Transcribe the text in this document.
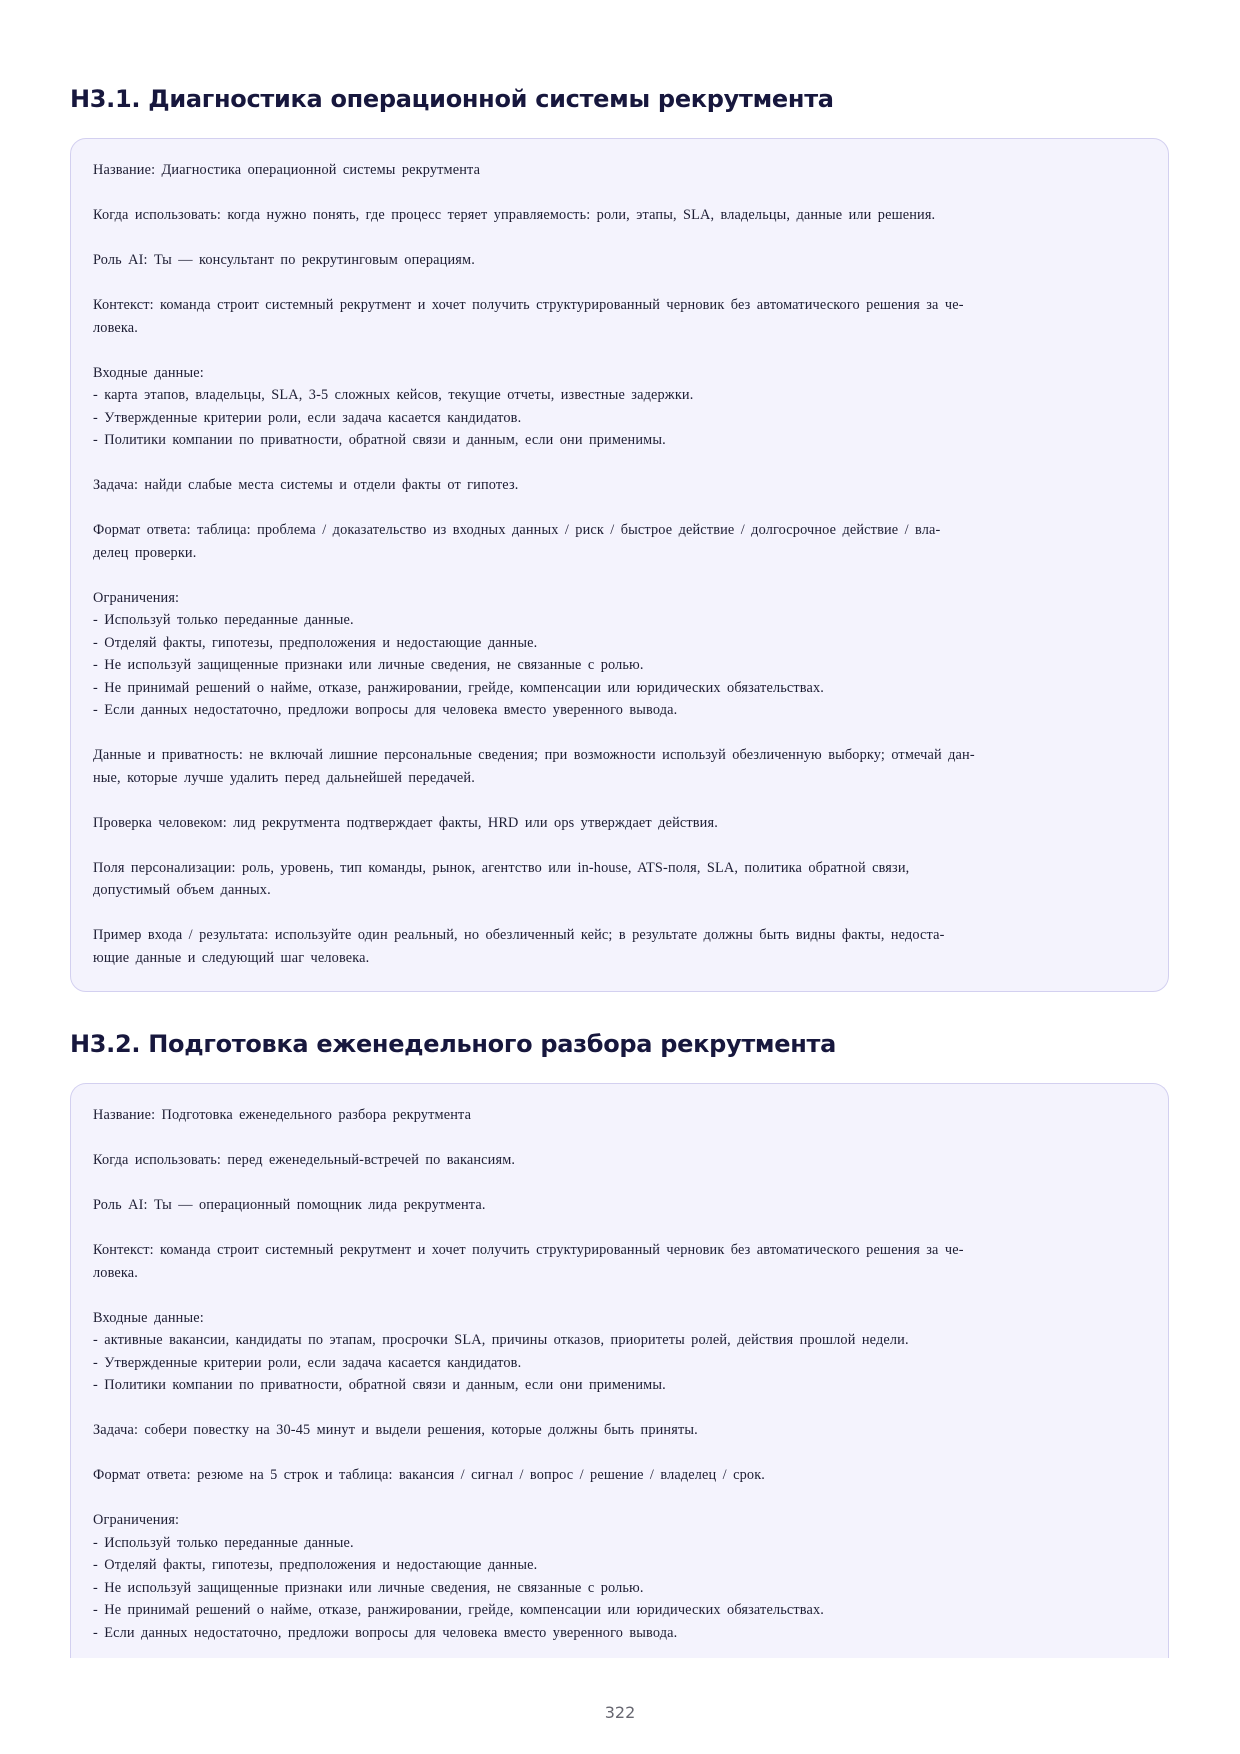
H3.1. Диагностика операционной системы рекрутмента
Название: Диагностика операционной системы рекрутмента
Когда использовать: когда нужно понять, где процесс теряет управляемость: роли, этапы, SLA, владельцы, данные или решения.
Роль AI: Ты — консультант по рекрутинговым операциям.
Контекст: команда строит системный рекрутмент и хочет получить структурированный черновик без автоматического решения за че-
ловека.
Входные данные:
- карта этапов, владельцы, SLA, 3-5 сложных кейсов, текущие отчеты, известные задержки.
- Утвержденные критерии роли, если задача касается кандидатов.
- Политики компании по приватности, обратной связи и данным, если они применимы.
Задача: найди слабые места системы и отдели факты от гипотез.
Формат ответа: таблица: проблема / доказательство из входных данных / риск / быстрое действие / долгосрочное действие / вла-
делец проверки.
Ограничения:
- Используй только переданные данные.
- Отделяй факты, гипотезы, предположения и недостающие данные.
- Не используй защищенные признаки или личные сведения, не связанные с ролью.
- Не принимай решений о найме, отказе, ранжировании, грейде, компенсации или юридических обязательствах.
- Если данных недостаточно, предложи вопросы для человека вместо уверенного вывода.
Данные и приватность: не включай лишние персональные сведения; при возможности используй обезличенную выборку; отмечай дан-
ные, которые лучше удалить перед дальнейшей передачей.
Проверка человеком: лид рекрутмента подтверждает факты, HRD или ops утверждает действия.
Поля персонализации: роль, уровень, тип команды, рынок, агентство или in-house, ATS-поля, SLA, политика обратной связи,
допустимый объем данных.
Пример входа / результата: используйте один реальный, но обезличенный кейс; в результате должны быть видны факты, недоста-
ющие данные и следующий шаг человека.
H3.2. Подготовка еженедельного разбора рекрутмента
Название: Подготовка еженедельного разбора рекрутмента
Когда использовать: перед еженедельный-встречей по вакансиям.
Роль AI: Ты — операционный помощник лида рекрутмента.
Контекст: команда строит системный рекрутмент и хочет получить структурированный черновик без автоматического решения за че-
ловека.
Входные данные:
- активные вакансии, кандидаты по этапам, просрочки SLA, причины отказов, приоритеты ролей, действия прошлой недели.
- Утвержденные критерии роли, если задача касается кандидатов.
- Политики компании по приватности, обратной связи и данным, если они применимы.
Задача: собери повестку на 30-45 минут и выдели решения, которые должны быть приняты.
Формат ответа: резюме на 5 строк и таблица: вакансия / сигнал / вопрос / решение / владелец / срок.
Ограничения:
- Используй только переданные данные.
- Отделяй факты, гипотезы, предположения и недостающие данные.
- Не используй защищенные признаки или личные сведения, не связанные с ролью.
- Не принимай решений о найме, отказе, ранжировании, грейде, компенсации или юридических обязательствах.
- Если данных недостаточно, предложи вопросы для человека вместо уверенного вывода.
322
